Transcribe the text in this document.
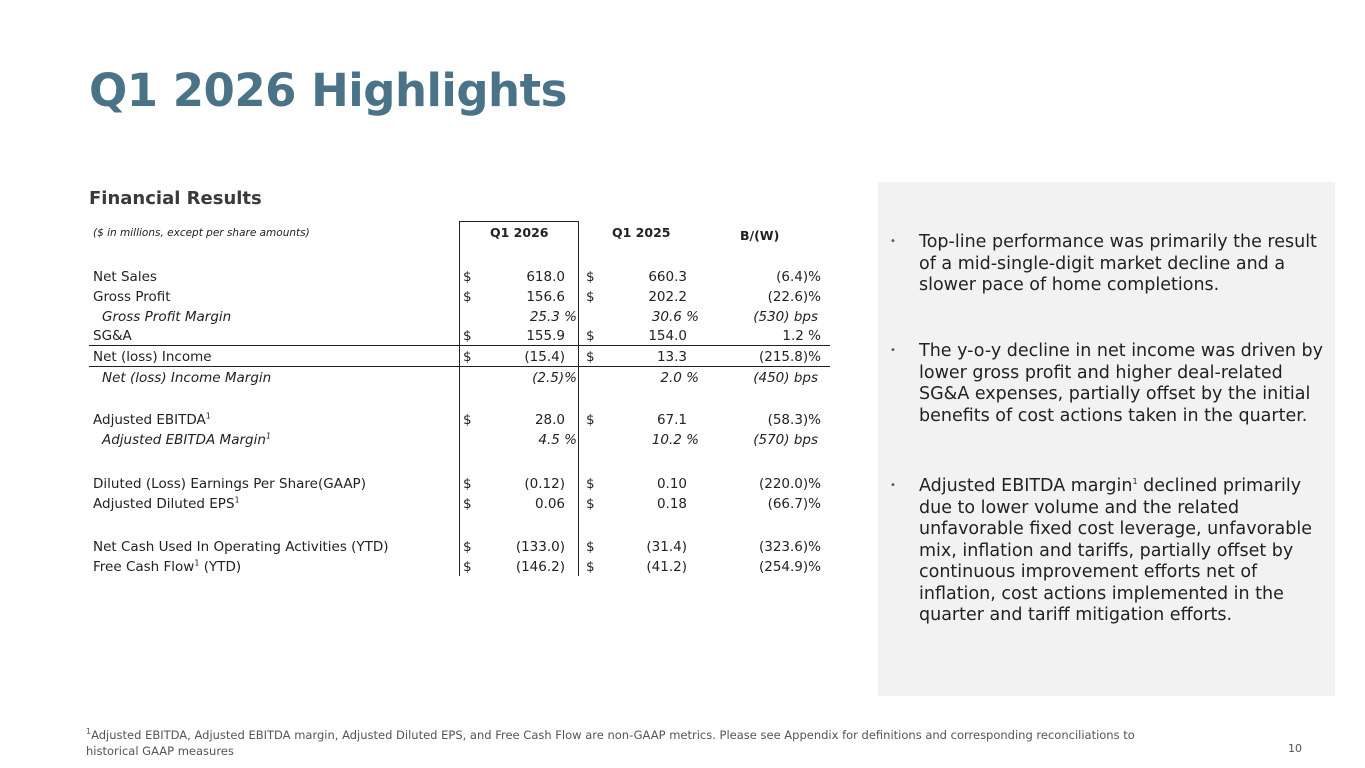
Q1 2026 Highlights
Financial Results
($ in millions, except per share amounts)	Q1 2026	Q1 2025	B/(W)
Net Sales	$	618.0 $	660.3	(6.4)%
Gross Profit	$	156.6 $	202.2	(22.6)%
Gross Profit Margin	25.3 %	30.6 %	(530) bps
SG&A	$	155.9 $	154.0	1.2 %
Net (loss) Income	$	(15.4) $	13.3	(215.8)%
Net (loss) Income Margin	(2.5)%	2.0 %	(450) bps
Adjusted EBITDA$^1$	$	28.0 $	67.1	(58.3)%
Adjusted EBITDA Margin$^1$	4.5 %	10.2 %	(570) bps
Diluted (Loss) Earnings Per Share(GAAP)	$	(0.12) $	0.10	(220.0)%
Adjusted Diluted EPS$^1$	$	0.06 $	0.18	(66.7)%
Net Cash Used In Operating Activities (YTD)	$	(133.0) $	(31.4)	(323.6)%
Free Cash Flow$^1$ (YTD)	$	(146.2) $	(41.2)	(254.9)%
• Top-line performance was primarily the result of a mid-single-digit market decline and a slower pace of home completions.
• The y-o-y decline in net income was driven by lower gross profit and higher deal-related SG&A expenses, partially offset by the initial benefits of cost actions taken in the quarter.
• Adjusted EBITDA margin$^1$ declined primarily due to lower volume and the related unfavorable fixed cost leverage, unfavorable mix, inflation and tariffs, partially offset by continuous improvement efforts net of inflation, cost actions implemented in the quarter and tariff mitigation efforts.
$^1$Adjusted EBITDA, Adjusted EBITDA margin, Adjusted Diluted EPS, and Free Cash Flow are non-GAAP metrics. Please see Appendix for definitions and corresponding reconciliations to historical GAAP measures	10
